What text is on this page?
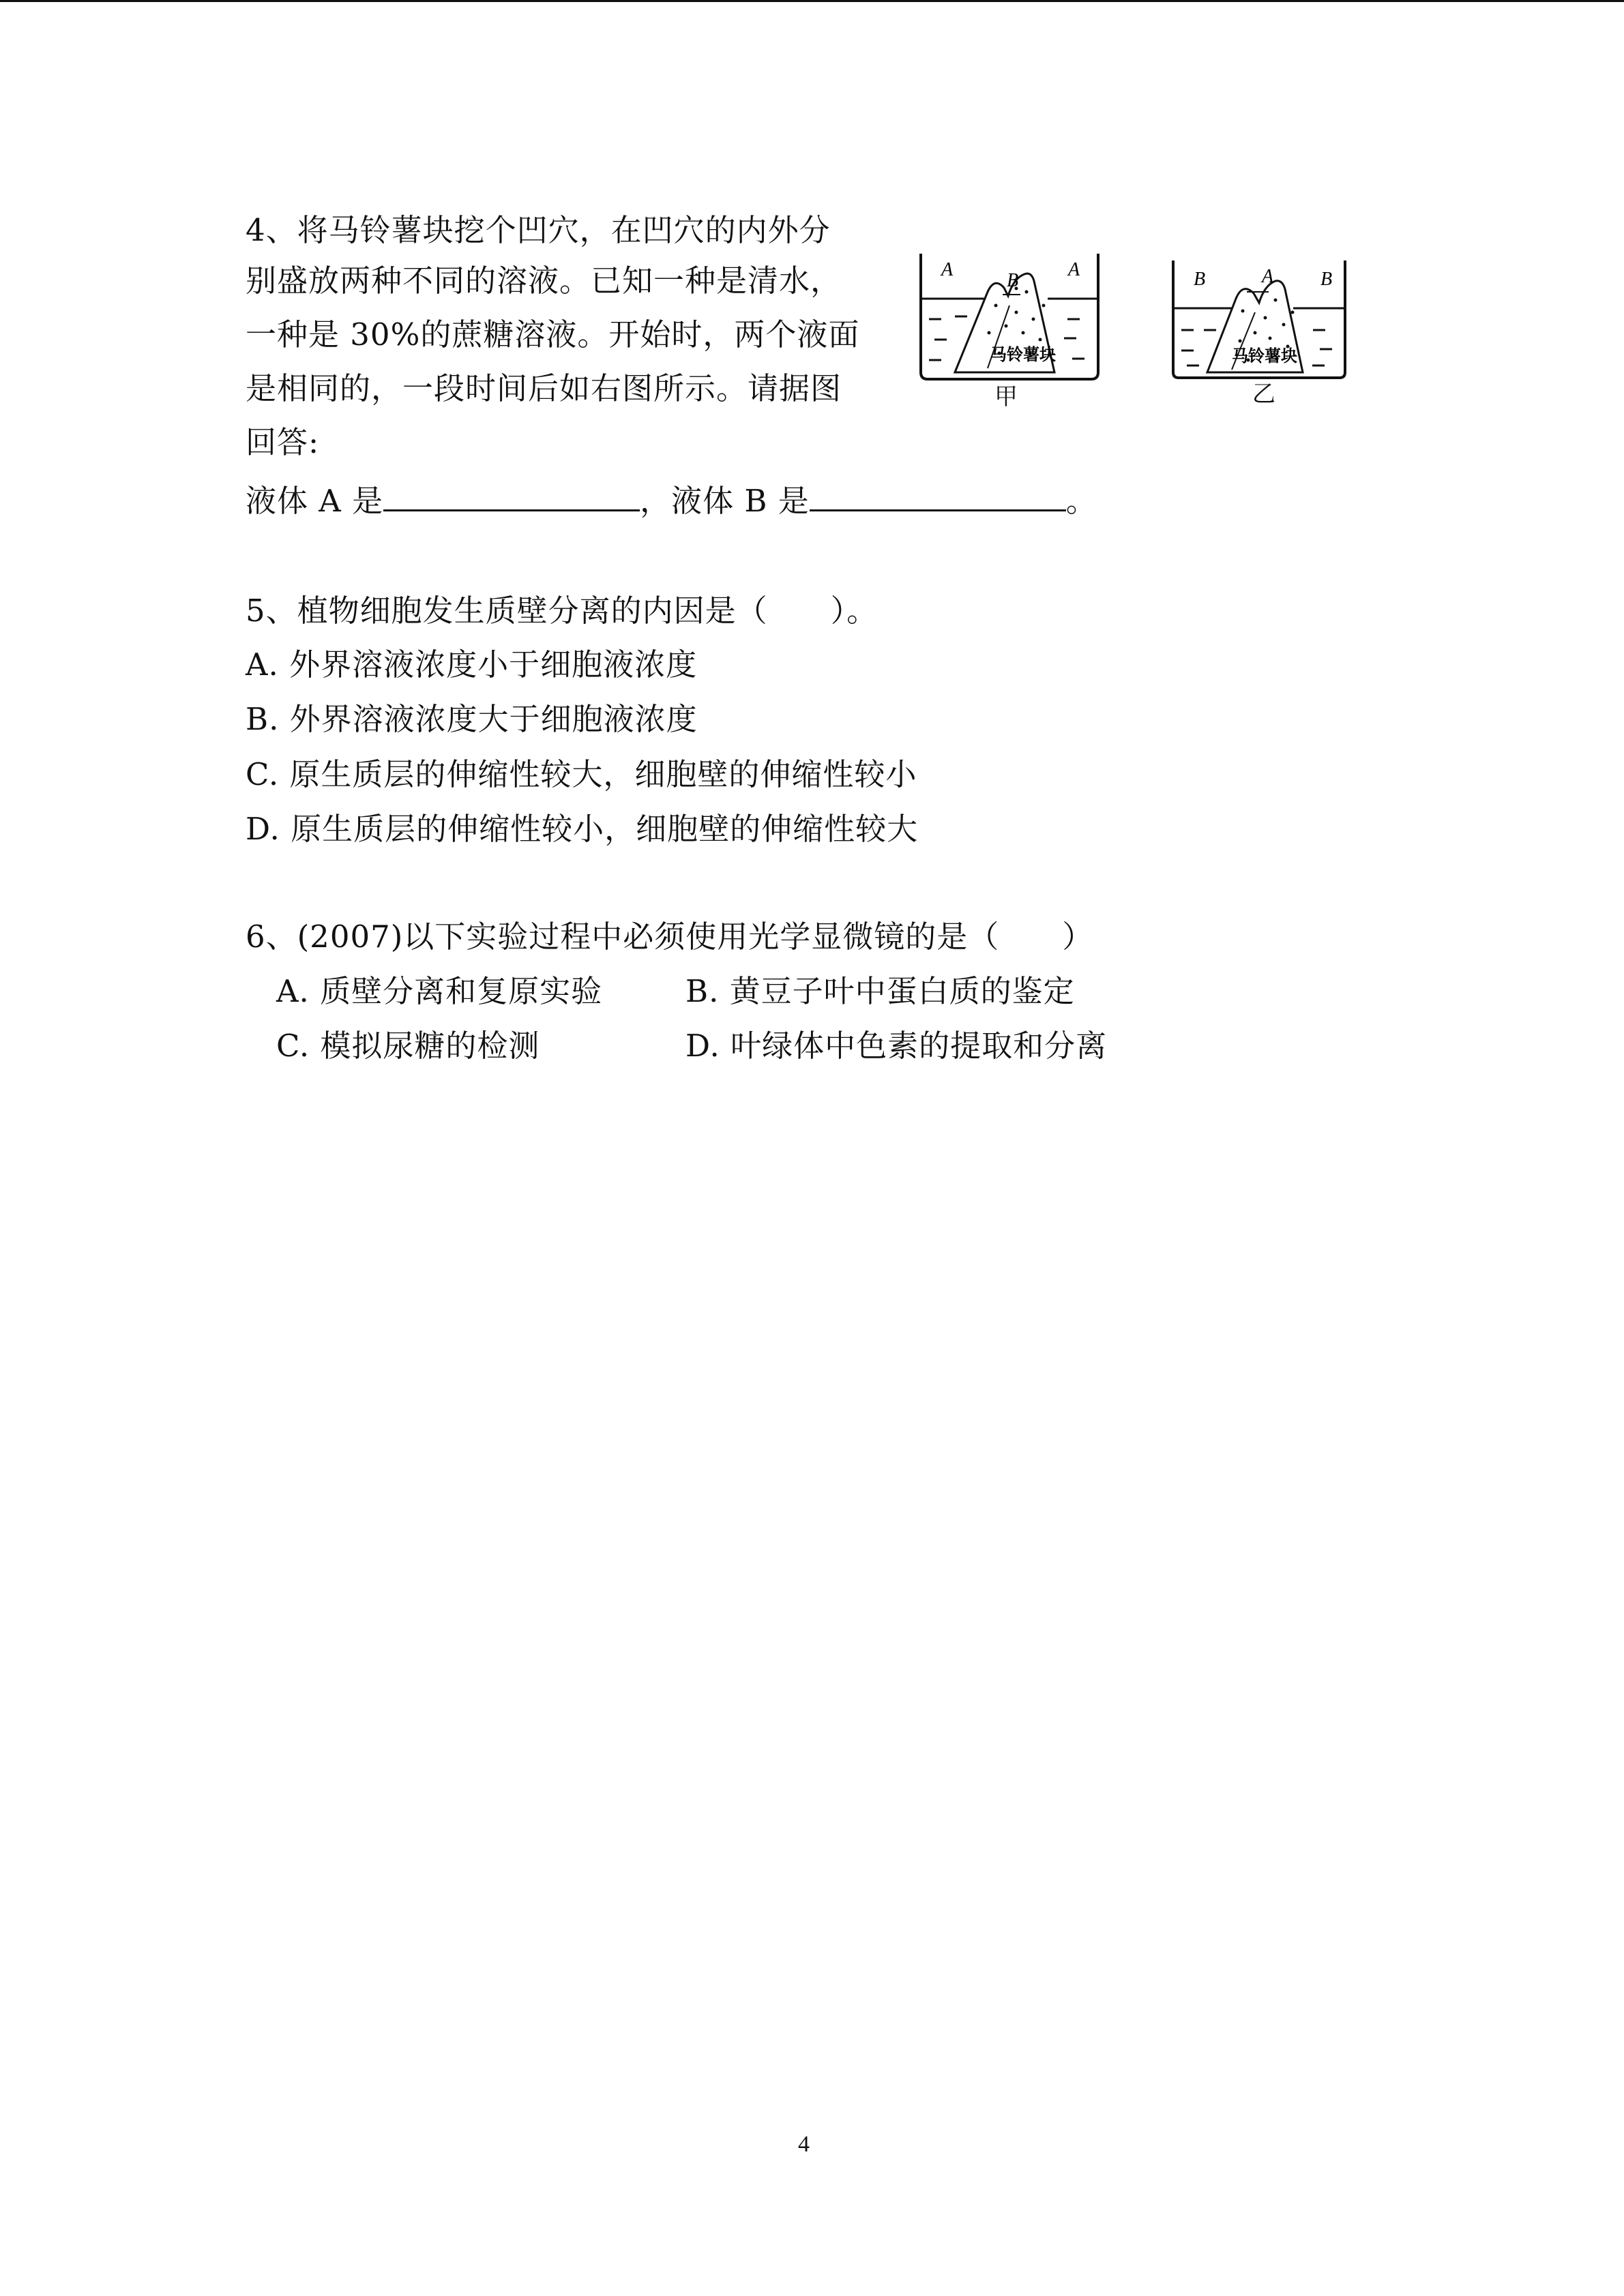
4、将马铃薯块挖个凹穴，在凹穴的内外分
别盛放两种不同的溶液。已知一种是清水，
一种是 30%的蔗糖溶液。开始时，两个液面
是相同的，一段时间后如右图所示。请据图
回答:
液体 A 是	，液体 B 是	。
A	A
B
马铃薯块
甲
B	B
A
马铃薯块
乙
5、植物细胞发生质壁分离的内因是（　　）。
A. 外界溶液浓度小于细胞液浓度
B. 外界溶液浓度大于细胞液浓度
C. 原生质层的伸缩性较大，细胞壁的伸缩性较小
D. 原生质层的伸缩性较小，细胞壁的伸缩性较大
6、(2007)以下实验过程中必须使用光学显微镜的是（　　）
A. 质壁分离和复原实验	B. 黄豆子叶中蛋白质的鉴定
C. 模拟尿糖的检测	D. 叶绿体中色素的提取和分离
4
